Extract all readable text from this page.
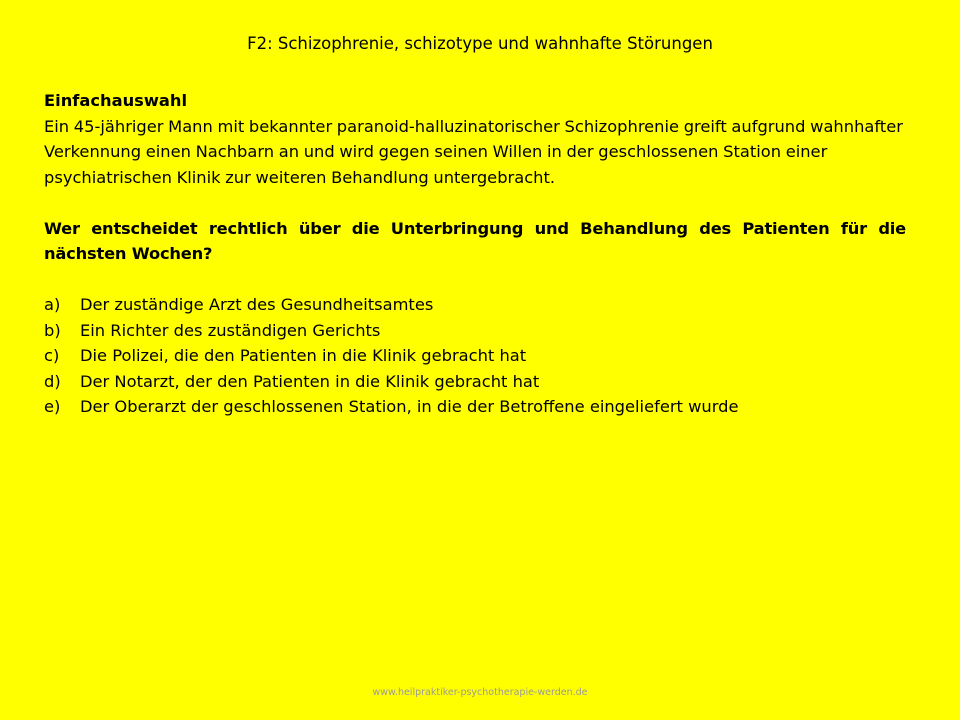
F2: Schizophrenie, schizotype und wahnhafte Störungen
Einfachauswahl
Ein 45-jähriger Mann mit bekannter paranoid-halluzinatorischer Schizophrenie greift aufgrund wahnhafter Verkennung einen Nachbarn an und wird gegen seinen Willen in der geschlossenen Station einer psychiatrischen Klinik zur weiteren Behandlung untergebracht.
Wer entscheidet rechtlich über die Unterbringung und Behandlung des Patienten für die nächsten Wochen?
a)	Der zuständige Arzt des Gesundheitsamtes
b)	Ein Richter des zuständigen Gerichts
c)	Die Polizei, die den Patienten in die Klinik gebracht hat
d)	Der Notarzt, der den Patienten in die Klinik gebracht hat
e)	Der Oberarzt der geschlossenen Station, in die der Betroffene eingeliefert wurde
www.heilpraktiker-psychotherapie-werden.de
